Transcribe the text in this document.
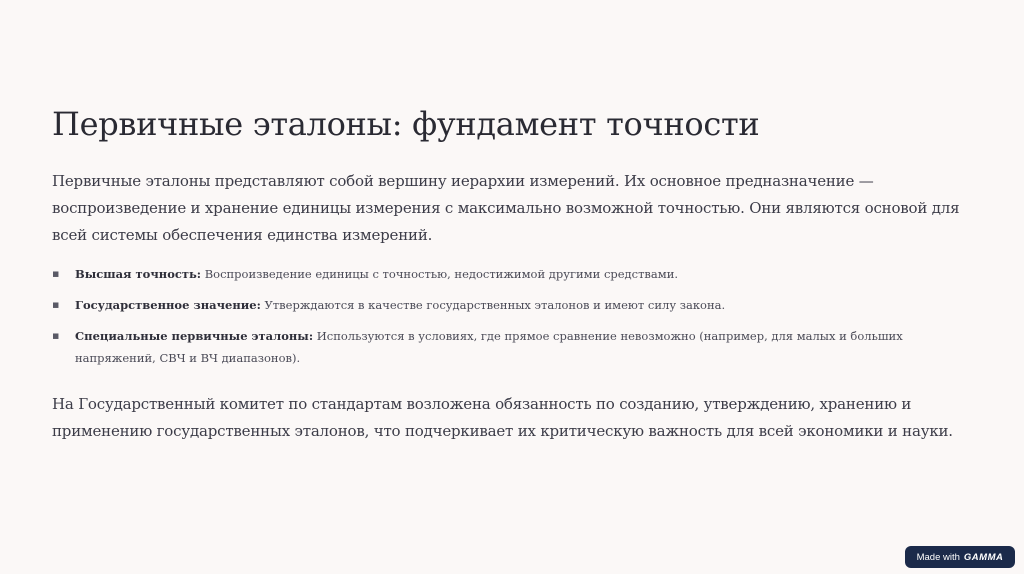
Первичные эталоны: фундамент точности

Первичные эталоны представляют собой вершину иерархии измерений. Их основное предназначение — воспроизведение и хранение единицы измерения с максимально возможной точностью. Они являются основой для всей системы обеспечения единства измерений.

▪ Высшая точность: Воспроизведение единицы с точностью, недостижимой другими средствами.
▪ Государственное значение: Утверждаются в качестве государственных эталонов и имеют силу закона.
▪ Специальные первичные эталоны: Используются в условиях, где прямое сравнение невозможно (например, для малых и больших напряжений, СВЧ и ВЧ диапазонов).

На Государственный комитет по стандартам возложена обязанность по созданию, утверждению, хранению и применению государственных эталонов, что подчеркивает их критическую важность для всей экономики и науки.

Made with GAMMA
